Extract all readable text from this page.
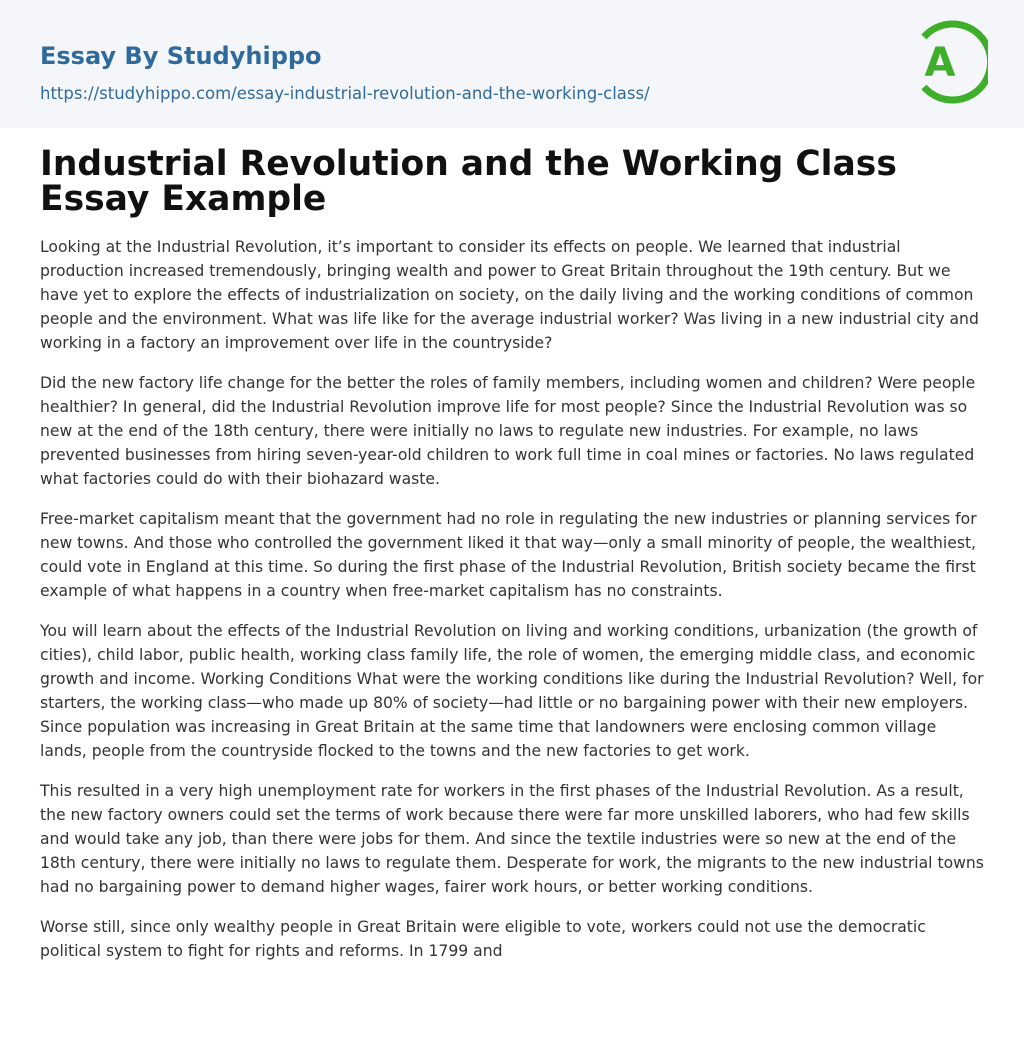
Essay By Studyhippo
https://studyhippo.com/essay-industrial-revolution-and-the-working-class/
A
Industrial Revolution and the Working Class Essay Example

Looking at the Industrial Revolution, it’s important to consider its effects on people. We learned that industrial production increased tremendously, bringing wealth and power to Great Britain throughout the 19th century. But we have yet to explore the effects of industrialization on society, on the daily living and the working conditions of common people and the environment. What was life like for the average industrial worker? Was living in a new industrial city and working in a factory an improvement over life in the countryside?

Did the new factory life change for the better the roles of family members, including women and children? Were people healthier? In general, did the Industrial Revolution improve life for most people? Since the Industrial Revolution was so new at the end of the 18th century, there were initially no laws to regulate new industries. For example, no laws prevented businesses from hiring seven-year-old children to work full time in coal mines or factories. No laws regulated what factories could do with their biohazard waste.

Free-market capitalism meant that the government had no role in regulating the new industries or planning services for new towns. And those who controlled the government liked it that way—only a small minority of people, the wealthiest, could vote in England at this time. So during the first phase of the Industrial Revolution, British society became the first example of what happens in a country when free-market capitalism has no constraints.

You will learn about the effects of the Industrial Revolution on living and working conditions, urbanization (the growth of cities), child labor, public health, working class family life, the role of women, the emerging middle class, and economic growth and income. Working Conditions What were the working conditions like during the Industrial Revolution? Well, for starters, the working class—who made up 80% of society—had little or no bargaining power with their new employers. Since population was increasing in Great Britain at the same time that landowners were enclosing common village lands, people from the countryside flocked to the towns and the new factories to get work.

This resulted in a very high unemployment rate for workers in the first phases of the Industrial Revolution. As a result, the new factory owners could set the terms of work because there were far more unskilled laborers, who had few skills and would take any job, than there were jobs for them. And since the textile industries were so new at the end of the 18th century, there were initially no laws to regulate them. Desperate for work, the migrants to the new industrial towns had no bargaining power to demand higher wages, fairer work hours, or better working conditions.

Worse still, since only wealthy people in Great Britain were eligible to vote, workers could not use the democratic political system to fight for rights and reforms. In 1799 and
